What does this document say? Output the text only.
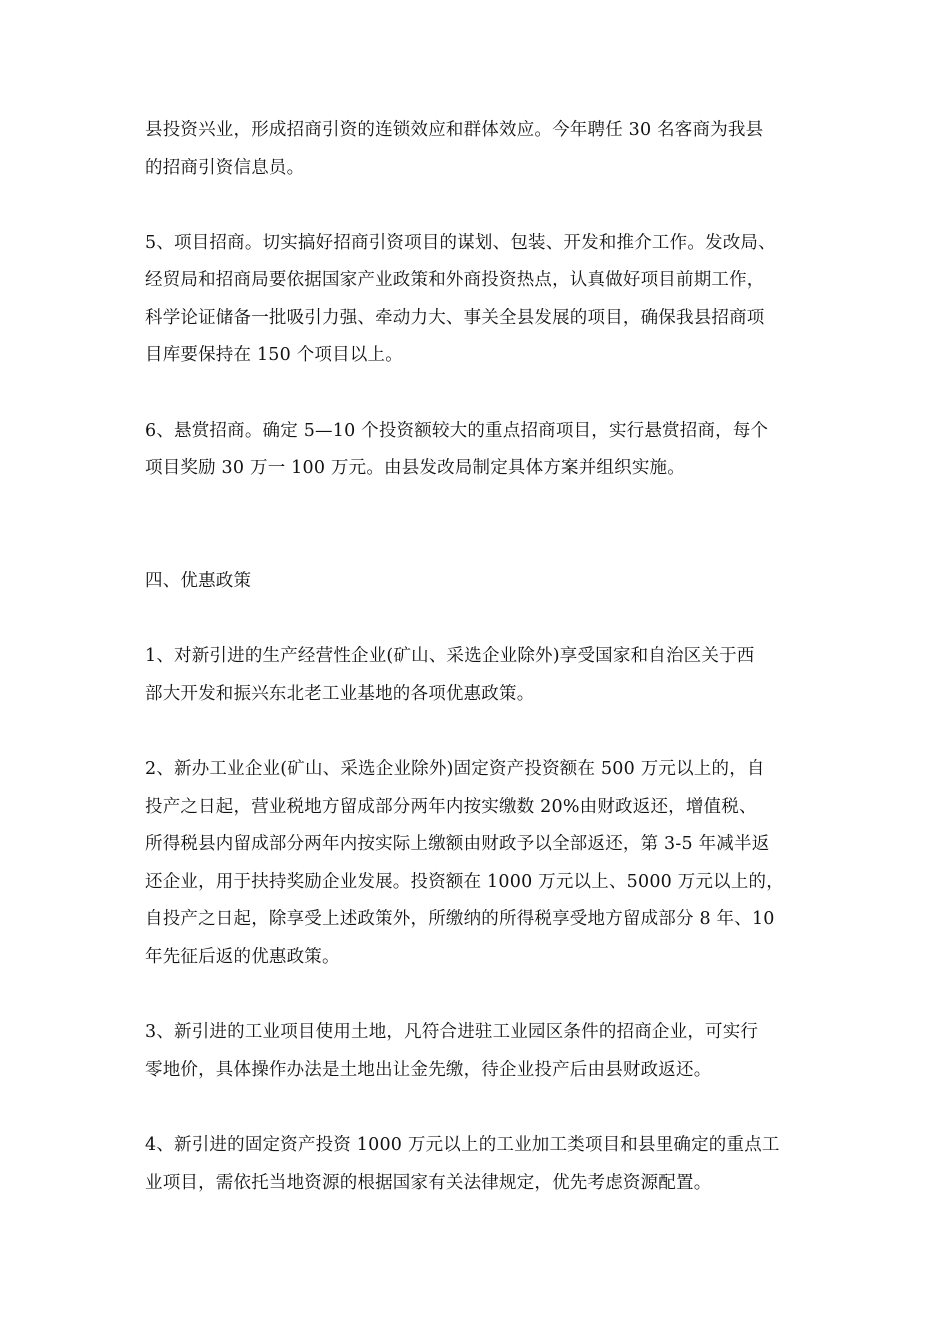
县投资兴业，形成招商引资的连锁效应和群体效应。今年聘任 30 名客商为我县
的招商引资信息员。
5、项目招商。切实搞好招商引资项目的谋划、包装、开发和推介工作。发改局、
经贸局和招商局要依据国家产业政策和外商投资热点，认真做好项目前期工作，
科学论证储备一批吸引力强、牵动力大、事关全县发展的项目，确保我县招商项
目库要保持在 150 个项目以上。
6、悬赏招商。确定 5—10 个投资额较大的重点招商项目，实行悬赏招商，每个
项目奖励 30 万一 100 万元。由县发改局制定具体方案并组织实施。
四、优惠政策
1、对新引进的生产经营性企业(矿山、采选企业除外)享受国家和自治区关于西
部大开发和振兴东北老工业基地的各项优惠政策。
2、新办工业企业(矿山、采选企业除外)固定资产投资额在 500 万元以上的，自
投产之日起，营业税地方留成部分两年内按实缴数 20%由财政返还，增值税、
所得税县内留成部分两年内按实际上缴额由财政予以全部返还，第 3-5 年减半返
还企业，用于扶持奖励企业发展。投资额在 1000 万元以上、5000 万元以上的，
自投产之日起，除享受上述政策外，所缴纳的所得税享受地方留成部分 8 年、10
年先征后返的优惠政策。
3、新引进的工业项目使用土地，凡符合进驻工业园区条件的招商企业，可实行
零地价，具体操作办法是土地出让金先缴，待企业投产后由县财政返还。
4、新引进的固定资产投资 1000 万元以上的工业加工类项目和县里确定的重点工
业项目，需依托当地资源的根据国家有关法律规定，优先考虑资源配置。
